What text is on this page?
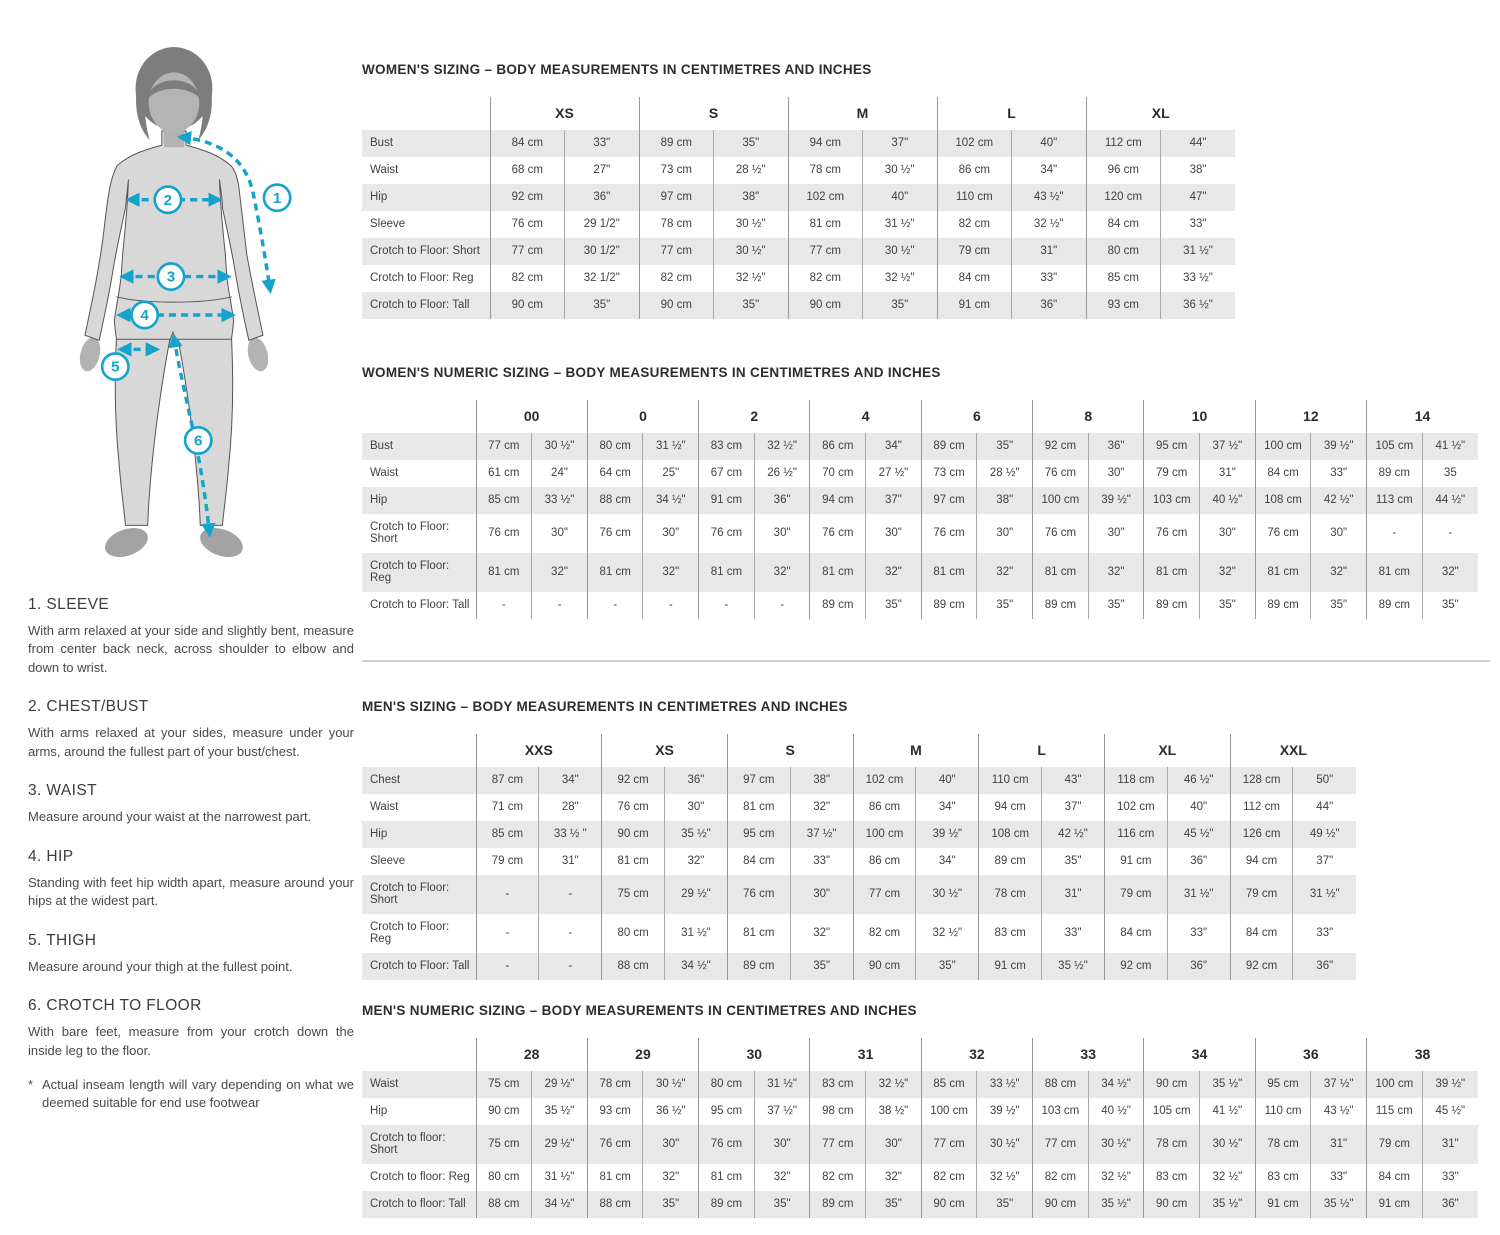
1
2
3
4
5
6
1. SLEEVE

With arm relaxed at your side and slightly bent, measure from center back neck, across shoulder to elbow and down to wrist.

2. CHEST/BUST

With arms relaxed at your sides, measure under your arms, around the fullest part of your bust/chest.

3. WAIST

Measure around your waist at the narrowest part.

4. HIP

Standing with feet hip width apart, measure around your hips at the widest part.

5. THIGH

Measure around your thigh at the fullest point.

6. CROTCH TO FLOOR

With bare feet, measure from your crotch down the inside leg to the floor.

* Actual inseam length will vary depending on what we deemed suitable for end use footwear
WOMEN'S SIZING – BODY MEASUREMENTS IN CENTIMETRES AND INCHES
	XS		S		M		L		XL	
Bust	84 cm	33"	89 cm	35"	94 cm	37"	102 cm	40"	112 cm	44"
Waist	68 cm	27"	73 cm	28 ½"	78 cm	30 ½"	86 cm	34"	96 cm	38"
Hip	92 cm	36"	97 cm	38"	102 cm	40"	110 cm	43 ½"	120 cm	47"
Sleeve	76 cm	29 1/2"	78 cm	30 ½"	81 cm	31 ½"	82 cm	32 ½"	84 cm	33"
Crotch to Floor: Short	77 cm	30 1/2"	77 cm	30 ½"	77 cm	30 ½"	79 cm	31"	80 cm	31 ½"
Crotch to Floor: Reg	82 cm	32 1/2"	82 cm	32 ½"	82 cm	32 ½"	84 cm	33"	85 cm	33 ½"
Crotch to Floor: Tall	90 cm	35"	90 cm	35"	90 cm	35"	91 cm	36"	93 cm	36 ½"
WOMEN'S NUMERIC SIZING – BODY MEASUREMENTS IN CENTIMETRES AND INCHES
	00		0		2		4		6		8		10		12		14	
Bust	77 cm	30 ½"	80 cm	31 ½"	83 cm	32 ½"	86 cm	34"	89 cm	35"	92 cm	36"	95 cm	37 ½"	100 cm	39 ½"	105 cm	41 ½"
Waist	61 cm	24"	64 cm	25"	67 cm	26 ½"	70 cm	27 ½"	73 cm	28 ½"	76 cm	30"	79 cm	31"	84 cm	33"	89 cm	35
Hip	85 cm	33 ½"	88 cm	34 ½"	91 cm	36"	94 cm	37"	97 cm	38"	100 cm	39 ½"	103 cm	40 ½"	108 cm	42 ½"	113 cm	44 ½"
Crotch to Floor: Short	76 cm	30"	76 cm	30"	76 cm	30"	76 cm	30"	76 cm	30"	76 cm	30"	76 cm	30"	76 cm	30"	-	-
Crotch to Floor: Reg	81 cm	32"	81 cm	32"	81 cm	32"	81 cm	32"	81 cm	32"	81 cm	32"	81 cm	32"	81 cm	32"	81 cm	32"
Crotch to Floor: Tall	-	-	-	-	-	-	89 cm	35"	89 cm	35"	89 cm	35"	89 cm	35"	89 cm	35"	89 cm	35"
MEN'S SIZING – BODY MEASUREMENTS IN CENTIMETRES AND INCHES
	XXS		XS		S		M		L		XL		XXL	
Chest	87 cm	34"	92 cm	36"	97 cm	38"	102 cm	40"	110 cm	43"	118 cm	46 ½"	128 cm	50"
Waist	71 cm	28"	76 cm	30"	81 cm	32"	86 cm	34"	94 cm	37"	102 cm	40"	112 cm	44"
Hip	85 cm	33 ½ "	90 cm	35 ½"	95 cm	37 ½"	100 cm	39 ½"	108 cm	42 ½"	116 cm	45 ½"	126 cm	49 ½"
Sleeve	79 cm	31"	81 cm	32"	84 cm	33"	86 cm	34"	89 cm	35"	91 cm	36"	94 cm	37"
Crotch to Floor: Short	-	-	75 cm	29 ½"	76 cm	30"	77 cm	30 ½"	78 cm	31"	79 cm	31 ½"	79 cm	31 ½"
Crotch to Floor: Reg	-	-	80 cm	31 ½"	81 cm	32"	82 cm	32 ½"	83 cm	33"	84 cm	33"	84 cm	33"
Crotch to Floor: Tall	-	-	88 cm	34 ½"	89 cm	35"	90 cm	35"	91 cm	35 ½"	92 cm	36"	92 cm	36"
MEN'S NUMERIC SIZING – BODY MEASUREMENTS IN CENTIMETRES AND INCHES
	28		29		30		31		32		33		34		36		38	
Waist	75 cm	29 ½"	78 cm	30 ½"	80 cm	31 ½"	83 cm	32 ½"	85 cm	33 ½"	88 cm	34 ½"	90 cm	35 ½"	95 cm	37 ½"	100 cm	39 ½"
Hip	90 cm	35 ½"	93 cm	36 ½"	95 cm	37 ½"	98 cm	38 ½"	100 cm	39 ½"	103 cm	40 ½"	105 cm	41 ½"	110 cm	43 ½"	115 cm	45 ½"
Crotch to floor: Short	75 cm	29 ½"	76 cm	30"	76 cm	30"	77 cm	30"	77 cm	30 ½"	77 cm	30 ½"	78 cm	30 ½"	78 cm	31"	79 cm	31"
Crotch to floor: Reg	80 cm	31 ½"	81 cm	32"	81 cm	32"	82 cm	32"	82 cm	32 ½"	82 cm	32 ½"	83 cm	32 ½"	83 cm	33"	84 cm	33"
Crotch to floor: Tall	88 cm	34 ½"	88 cm	35"	89 cm	35"	89 cm	35"	90 cm	35"	90 cm	35 ½"	90 cm	35 ½"	91 cm	35 ½"	91 cm	36"
